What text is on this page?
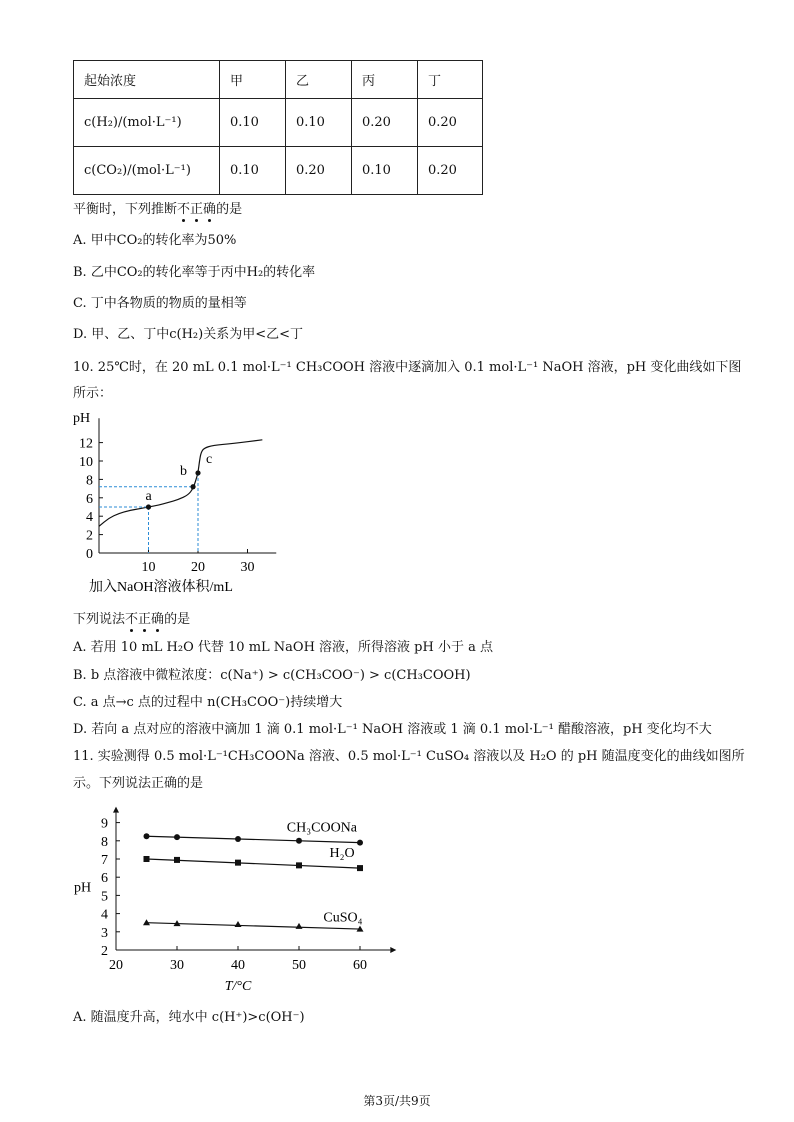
起始浓度	甲	乙	丙	丁
c(H₂)/(mol·L⁻¹)	0.10	0.10	0.20	0.20
c(CO₂)/(mol·L⁻¹)	0.10	0.20	0.10	0.20
平衡时，下列推断不正确的是
A. 甲中CO₂的转化率为50%
B. 乙中CO₂的转化率等于丙中H₂的转化率
C. 丁中各物质的物质的量相等
D. 甲、乙、丁中c(H₂)关系为甲<乙<丁
10. 25℃时，在 20 mL 0.1 mol·L⁻¹ CH₃COOH 溶液中逐滴加入 0.1 mol·L⁻¹ NaOH 溶液，pH 变化曲线如下图
所示：
pH
0
2
4
6
8
10
12
10	20	30
加入NaOH溶液体积/mL
a
b
c
下列说法不正确的是
A. 若用 10 mL H₂O 代替 10 mL NaOH 溶液，所得溶液 pH 小于 a 点
B. b 点溶液中微粒浓度：c(Na⁺) > c(CH₃COO⁻) > c(CH₃COOH)
C. a 点→c 点的过程中 n(CH₃COO⁻)持续增大
D. 若向 a 点对应的溶液中滴加 1 滴 0.1 mol·L⁻¹ NaOH 溶液或 1 滴 0.1 mol·L⁻¹ 醋酸溶液，pH 变化均不大
11. 实验测得 0.5 mol·L⁻¹CH₃COONa 溶液、0.5 mol·L⁻¹ CuSO₄ 溶液以及 H₂O 的 pH 随温度变化的曲线如图所
示。下列说法正确的是
2
3
4
5
6
7
8
9
20	30	40	50	60
pH
T/°C
CH₃COONa
H₂O
CuSO₄
A. 随温度升高，纯水中 c(H⁺)>c(OH⁻)
第3页/共9页
